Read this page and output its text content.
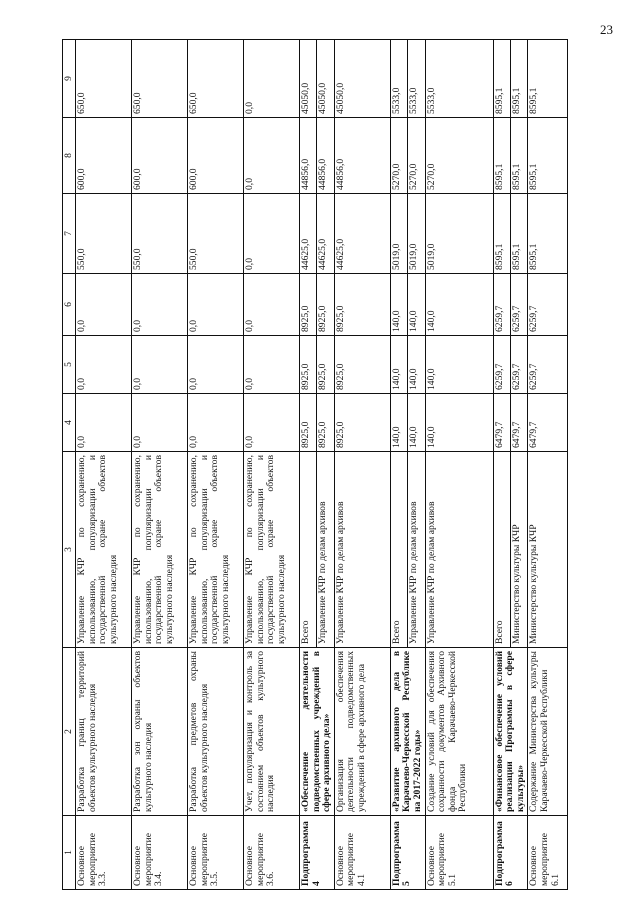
23
1	2	3	4	5	6	7	8	9
Основное мероприятие 3.3.	Разработка границ территорий объектов культурного наследия	Управление КЧР по сохранению, использованию, популяризации и государственной охране объектов культурного наследия	0,0	0,0	0,0	550,0	600,0	650,0
Основное мероприятие 3.4.	Разработка зон охраны объектов культурного наследия	Управление КЧР по сохранению, использованию, популяризации и государственной охране объектов культурного наследия	0,0	0,0	0,0	550,0	600,0	650,0
Основное мероприятие 3.5.	Разработка предметов охраны объектов культурного наследия	Управление КЧР по сохранению, использованию, популяризации и государственной охране объектов культурного наследия	0,0	0,0	0,0	550,0	600,0	650,0
Основное мероприятие 3.6.	Учет, популяризация и контроль за состоянием объектов культурного наследия	Управление КЧР по сохранению, использованию, популяризации и государственной охране объектов культурного наследия	0,0	0,0	0,0	0,0	0,0	0,0
Подпрограмма 4	«Обеспечение деятельности подведомственных учреждений в сфере архивного дела»	Всего	8925,0	8925,0	8925,0	44625,0	44856,0	45050,0
		Управление КЧР по делам архивов	8925,0	8925,0	8925,0	44625,0	44856,0	45050,0
Основное мероприятие 4.1	Организация обеспечения деятельности подведомственных учреждений в сфере архивного дела	Управление КЧР по делам архивов	8925,0	8925,0	8925,0	44625,0	44856,0	45050,0
Подпрограмма 5	«Развитие архивного дела в Карачаево-Черкесской Республике на 2017-2022 годы»	Всего	140,0	140,0	140,0	5019,0	5270,0	5533,0
		Управление КЧР по делам архивов	140,0	140,0	140,0	5019,0	5270,0	5533,0
Основное мероприятие 5.1	Создание условий для обеспечения сохранности документов Архивного фонда Карачаево-Черкесской Республики	Управление КЧР по делам архивов	140,0	140,0	140,0	5019,0	5270,0	5533,0
Подпрограмма 6	«Финансовое обеспечение условий реализации Программы в сфере культуры»	Всего	6479,7	6259,7	6259,7	8595,1	8595,1	8595,1
		Министерство культуры КЧР	6479,7	6259,7	6259,7	8595,1	8595,1	8595,1
Основное мероприятие 6.1	Содержание Министерства культуры Карачаево-Черкесской Республики	Министерство культуры КЧР	6479,7	6259,7	6259,7	8595,1	8595,1	8595,1
